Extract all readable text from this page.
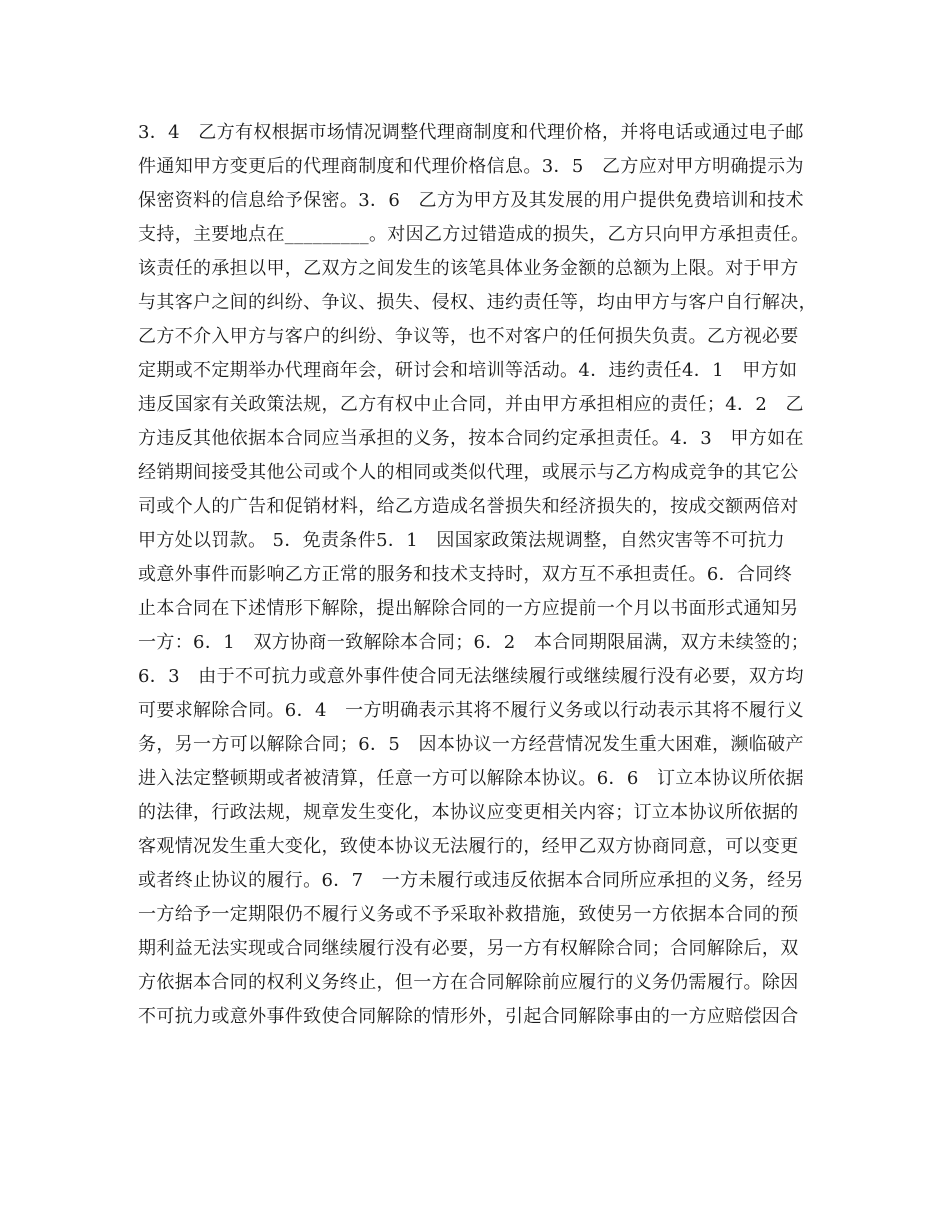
3．4　乙方有权根据市场情况调整代理商制度和代理价格，并将电话或通过电子邮
件通知甲方变更后的代理商制度和代理价格信息。3．5　乙方应对甲方明确提示为
保密资料的信息给予保密。3．6　乙方为甲方及其发展的用户提供免费培训和技术
支持，主要地点在_________。对因乙方过错造成的损失，乙方只向甲方承担责任。
该责任的承担以甲，乙双方之间发生的该笔具体业务金额的总额为上限。对于甲方
与其客户之间的纠纷、争议、损失、侵权、违约责任等，均由甲方与客户自行解决，
乙方不介入甲方与客户的纠纷、争议等，也不对客户的任何损失负责。乙方视必要
定期或不定期举办代理商年会，研讨会和培训等活动。4．违约责任4．1　甲方如
违反国家有关政策法规，乙方有权中止合同，并由甲方承担相应的责任；4．2　乙
方违反其他依据本合同应当承担的义务，按本合同约定承担责任。4．3　甲方如在
经销期间接受其他公司或个人的相同或类似代理，或展示与乙方构成竞争的其它公
司或个人的广告和促销材料，给乙方造成名誉损失和经济损失的，按成交额两倍对
甲方处以罚款。 5．免责条件5．1　因国家政策法规调整，自然灾害等不可抗力
或意外事件而影响乙方正常的服务和技术支持时，双方互不承担责任。6．合同终
止本合同在下述情形下解除，提出解除合同的一方应提前一个月以书面形式通知另
一方：6．1　双方协商一致解除本合同；6．2　本合同期限届满，双方未续签的；
6．3　由于不可抗力或意外事件使合同无法继续履行或继续履行没有必要，双方均
可要求解除合同。6．4　一方明确表示其将不履行义务或以行动表示其将不履行义
务，另一方可以解除合同；6．5　因本协议一方经营情况发生重大困难，濒临破产
进入法定整顿期或者被清算，任意一方可以解除本协议。6．6　订立本协议所依据
的法律，行政法规，规章发生变化，本协议应变更相关内容；订立本协议所依据的
客观情况发生重大变化，致使本协议无法履行的，经甲乙双方协商同意，可以变更
或者终止协议的履行。6．7　一方未履行或违反依据本合同所应承担的义务，经另
一方给予一定期限仍不履行义务或不予采取补救措施，致使另一方依据本合同的预
期利益无法实现或合同继续履行没有必要，另一方有权解除合同；合同解除后，双
方依据本合同的权利义务终止，但一方在合同解除前应履行的义务仍需履行。除因
不可抗力或意外事件致使合同解除的情形外，引起合同解除事由的一方应赔偿因合
